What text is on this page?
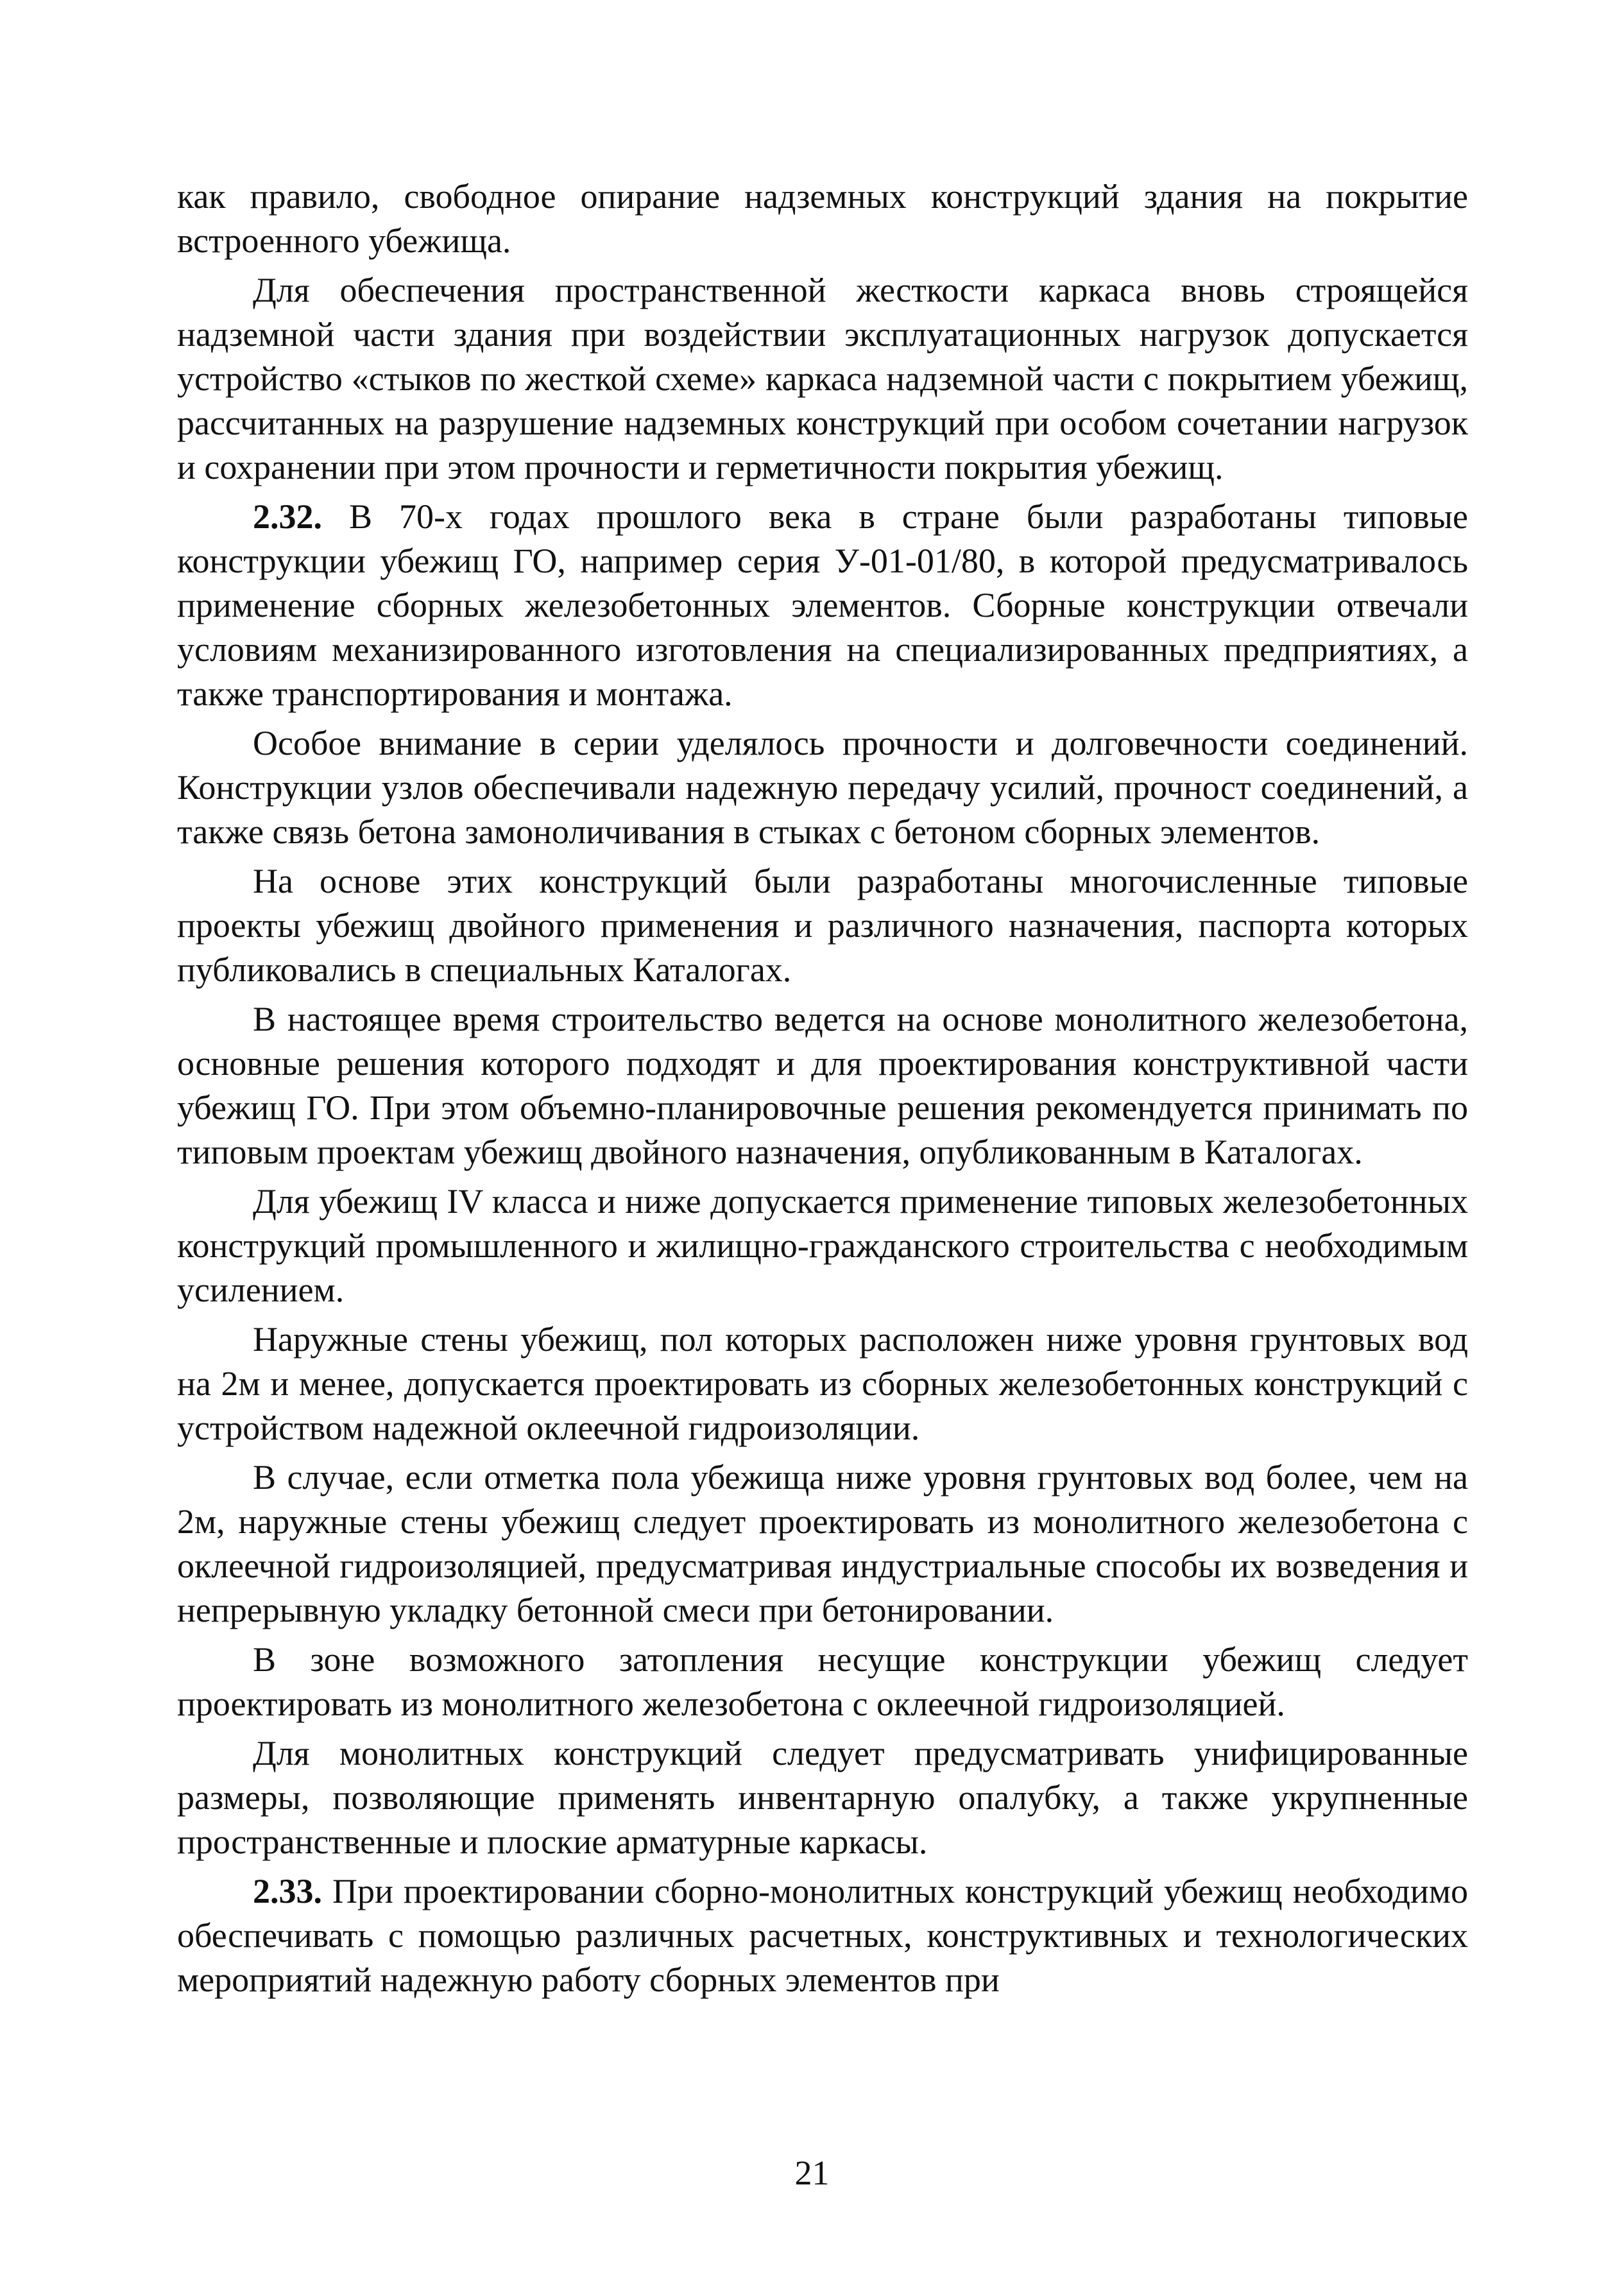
как правило, свободное опирание надземных конструкций здания на покрытие встроенного убежища.

Для обеспечения пространственной жесткости каркаса вновь строящейся надземной части здания при воздействии эксплуатационных нагрузок допускается устройство «стыков по жесткой схеме» каркаса надземной части с покрытием убежищ, рассчитанных на разрушение надземных конструкций при особом сочетании нагрузок и сохранении при этом прочности и герметичности покрытия убежищ.

2.32. В 70-х годах прошлого века в стране были разработаны типовые конструкции убежищ ГО, например серия У-01-01/80, в которой предусматривалось применение сборных железобетонных элементов. Сборные конструкции отвечали условиям механизированного изготовления на специализированных предприятиях, а также транспортирования и монтажа.

Особое внимание в серии уделялось прочности и долговечности соединений. Конструкции узлов обеспечивали надежную передачу усилий, прочност соединений, а также связь бетона замоноличивания в стыках с бетоном сборных элементов.

На основе этих конструкций были разработаны многочисленные типовые проекты убежищ двойного применения и различного назначения, паспорта которых публиковались в специальных Каталогах.

В настоящее время строительство ведется на основе монолитного железобетона, основные решения которого подходят и для проектирования конструктивной части убежищ ГО. При этом объемно-планировочные решения рекомендуется принимать по типовым проектам убежищ двойного назначения, опубликованным в Каталогах.

Для убежищ IV класса и ниже допускается применение типовых железобетонных конструкций промышленного и жилищно-гражданского строительства с необходимым усилением.

Наружные стены убежищ, пол которых расположен ниже уровня грунтовых вод на 2м и менее, допускается проектировать из сборных железобетонных конструкций с устройством надежной оклеечной гидроизоляции.

В случае, если отметка пола убежища ниже уровня грунтовых вод более, чем на 2м, наружные стены убежищ следует проектировать из монолитного железобетона с оклеечной гидроизоляцией, предусматривая индустриальные способы их возведения и непрерывную укладку бетонной смеси при бетонировании.

В зоне возможного затопления несущие конструкции убежищ следует проектировать из монолитного железобетона с оклеечной гидроизоляцией.

Для монолитных конструкций следует предусматривать унифицированные размеры, позволяющие применять инвентарную опалубку, а также укрупненные пространственные и плоские арматурные каркасы.

2.33. При проектировании сборно-монолитных конструкций убежищ необходимо обеспечивать с помощью различных расчетных, конструктивных и технологических мероприятий надежную работу сборных элементов при

21
